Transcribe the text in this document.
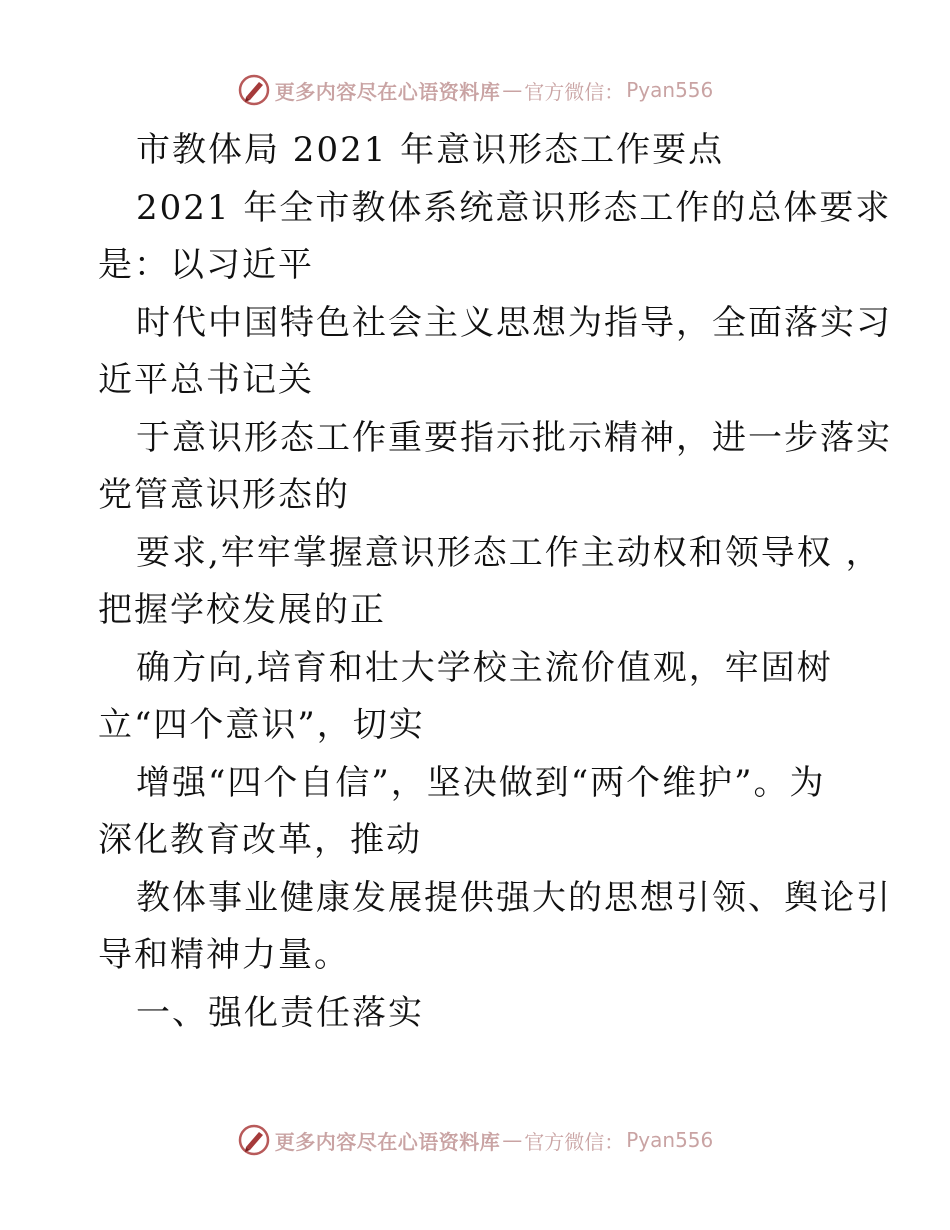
更多内容尽在心语资料库 — 官方微信： Pyan556
市教体局 2021 年意识形态工作要点
2021 年全市教体系统意识形态工作的总体要求
是：以习近平
时代中国特色社会主义思想为指导，全面落实习
近平总书记关
于意识形态工作重要指示批示精神，进一步落实
党管意识形态的
要求,牢牢掌握意识形态工作主动权和领导权 ，
把握学校发展的正
确方向,培育和壮大学校主流价值观，牢固树
立“四个意识”，切实
增强“四个自信”，坚决做到“两个维护”。为
深化教育改革，推动
教体事业健康发展提供强大的思想引领、舆论引
导和精神力量。
一、强化责任落实
更多内容尽在心语资料库 — 官方微信： Pyan556
